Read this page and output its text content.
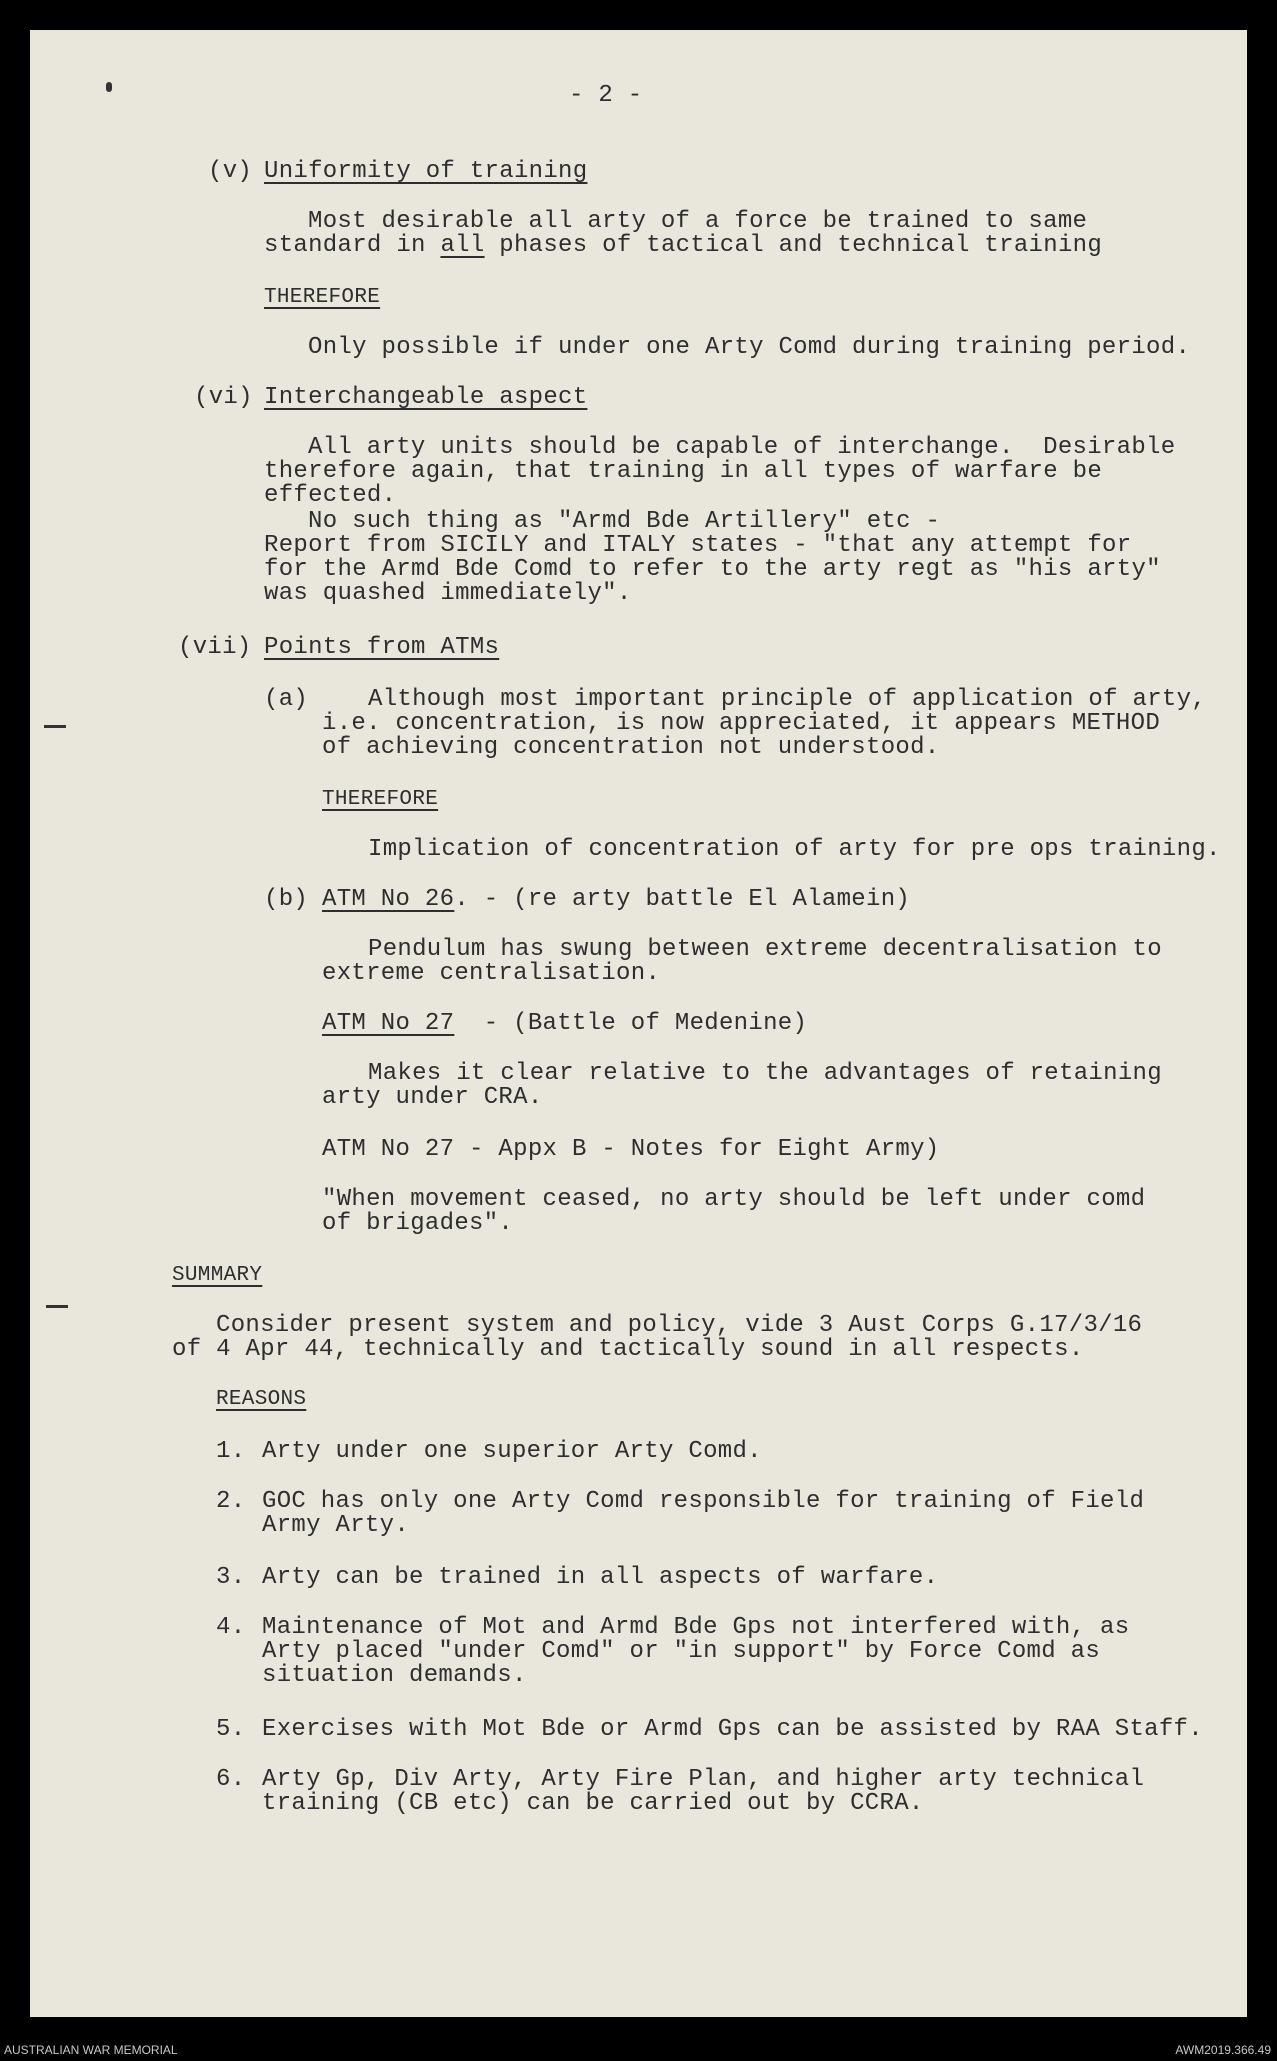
- 2 -
(v) Uniformity of training
Most desirable all arty of a force be trained to same
standard in all phases of tactical and technical training
THEREFORE
Only possible if under one Arty Comd during training period.
(vi) Interchangeable aspect
All arty units should be capable of interchange.  Desirable
therefore again, that training in all types of warfare be
effected.
No such thing as "Armd Bde Artillery" etc -
Report from SICILY and ITALY states - "that any attempt for
for the Armd Bde Comd to refer to the arty regt as "his arty"
was quashed immediately".
(vii) Points from ATMs
(a) Although most important principle of application of arty,
i.e. concentration, is now appreciated, it appears METHOD
of achieving concentration not understood.
THEREFORE
Implication of concentration of arty for pre ops training.
(b) ATM No 26. - (re arty battle El Alamein)
Pendulum has swung between extreme decentralisation to
extreme centralisation.
ATM No 27  - (Battle of Medenine)
Makes it clear relative to the advantages of retaining
arty under CRA.
ATM No 27 - Appx B - Notes for Eight Army)
"When movement ceased, no arty should be left under comd
of brigades".
SUMMARY
Consider present system and policy, vide 3 Aust Corps G.17/3/16
of 4 Apr 44, technically and tactically sound in all respects.
REASONS
1. Arty under one superior Arty Comd.
2. GOC has only one Arty Comd responsible for training of Field
Army Arty.
3. Arty can be trained in all aspects of warfare.
4. Maintenance of Mot and Armd Bde Gps not interfered with, as
Arty placed "under Comd" or "in support" by Force Comd as
situation demands.
5. Exercises with Mot Bde or Armd Gps can be assisted by RAA Staff.
6. Arty Gp, Div Arty, Arty Fire Plan, and higher arty technical
training (CB etc) can be carried out by CCRA.
AUSTRALIAN WAR MEMORIAL	AWM2019.366.49
